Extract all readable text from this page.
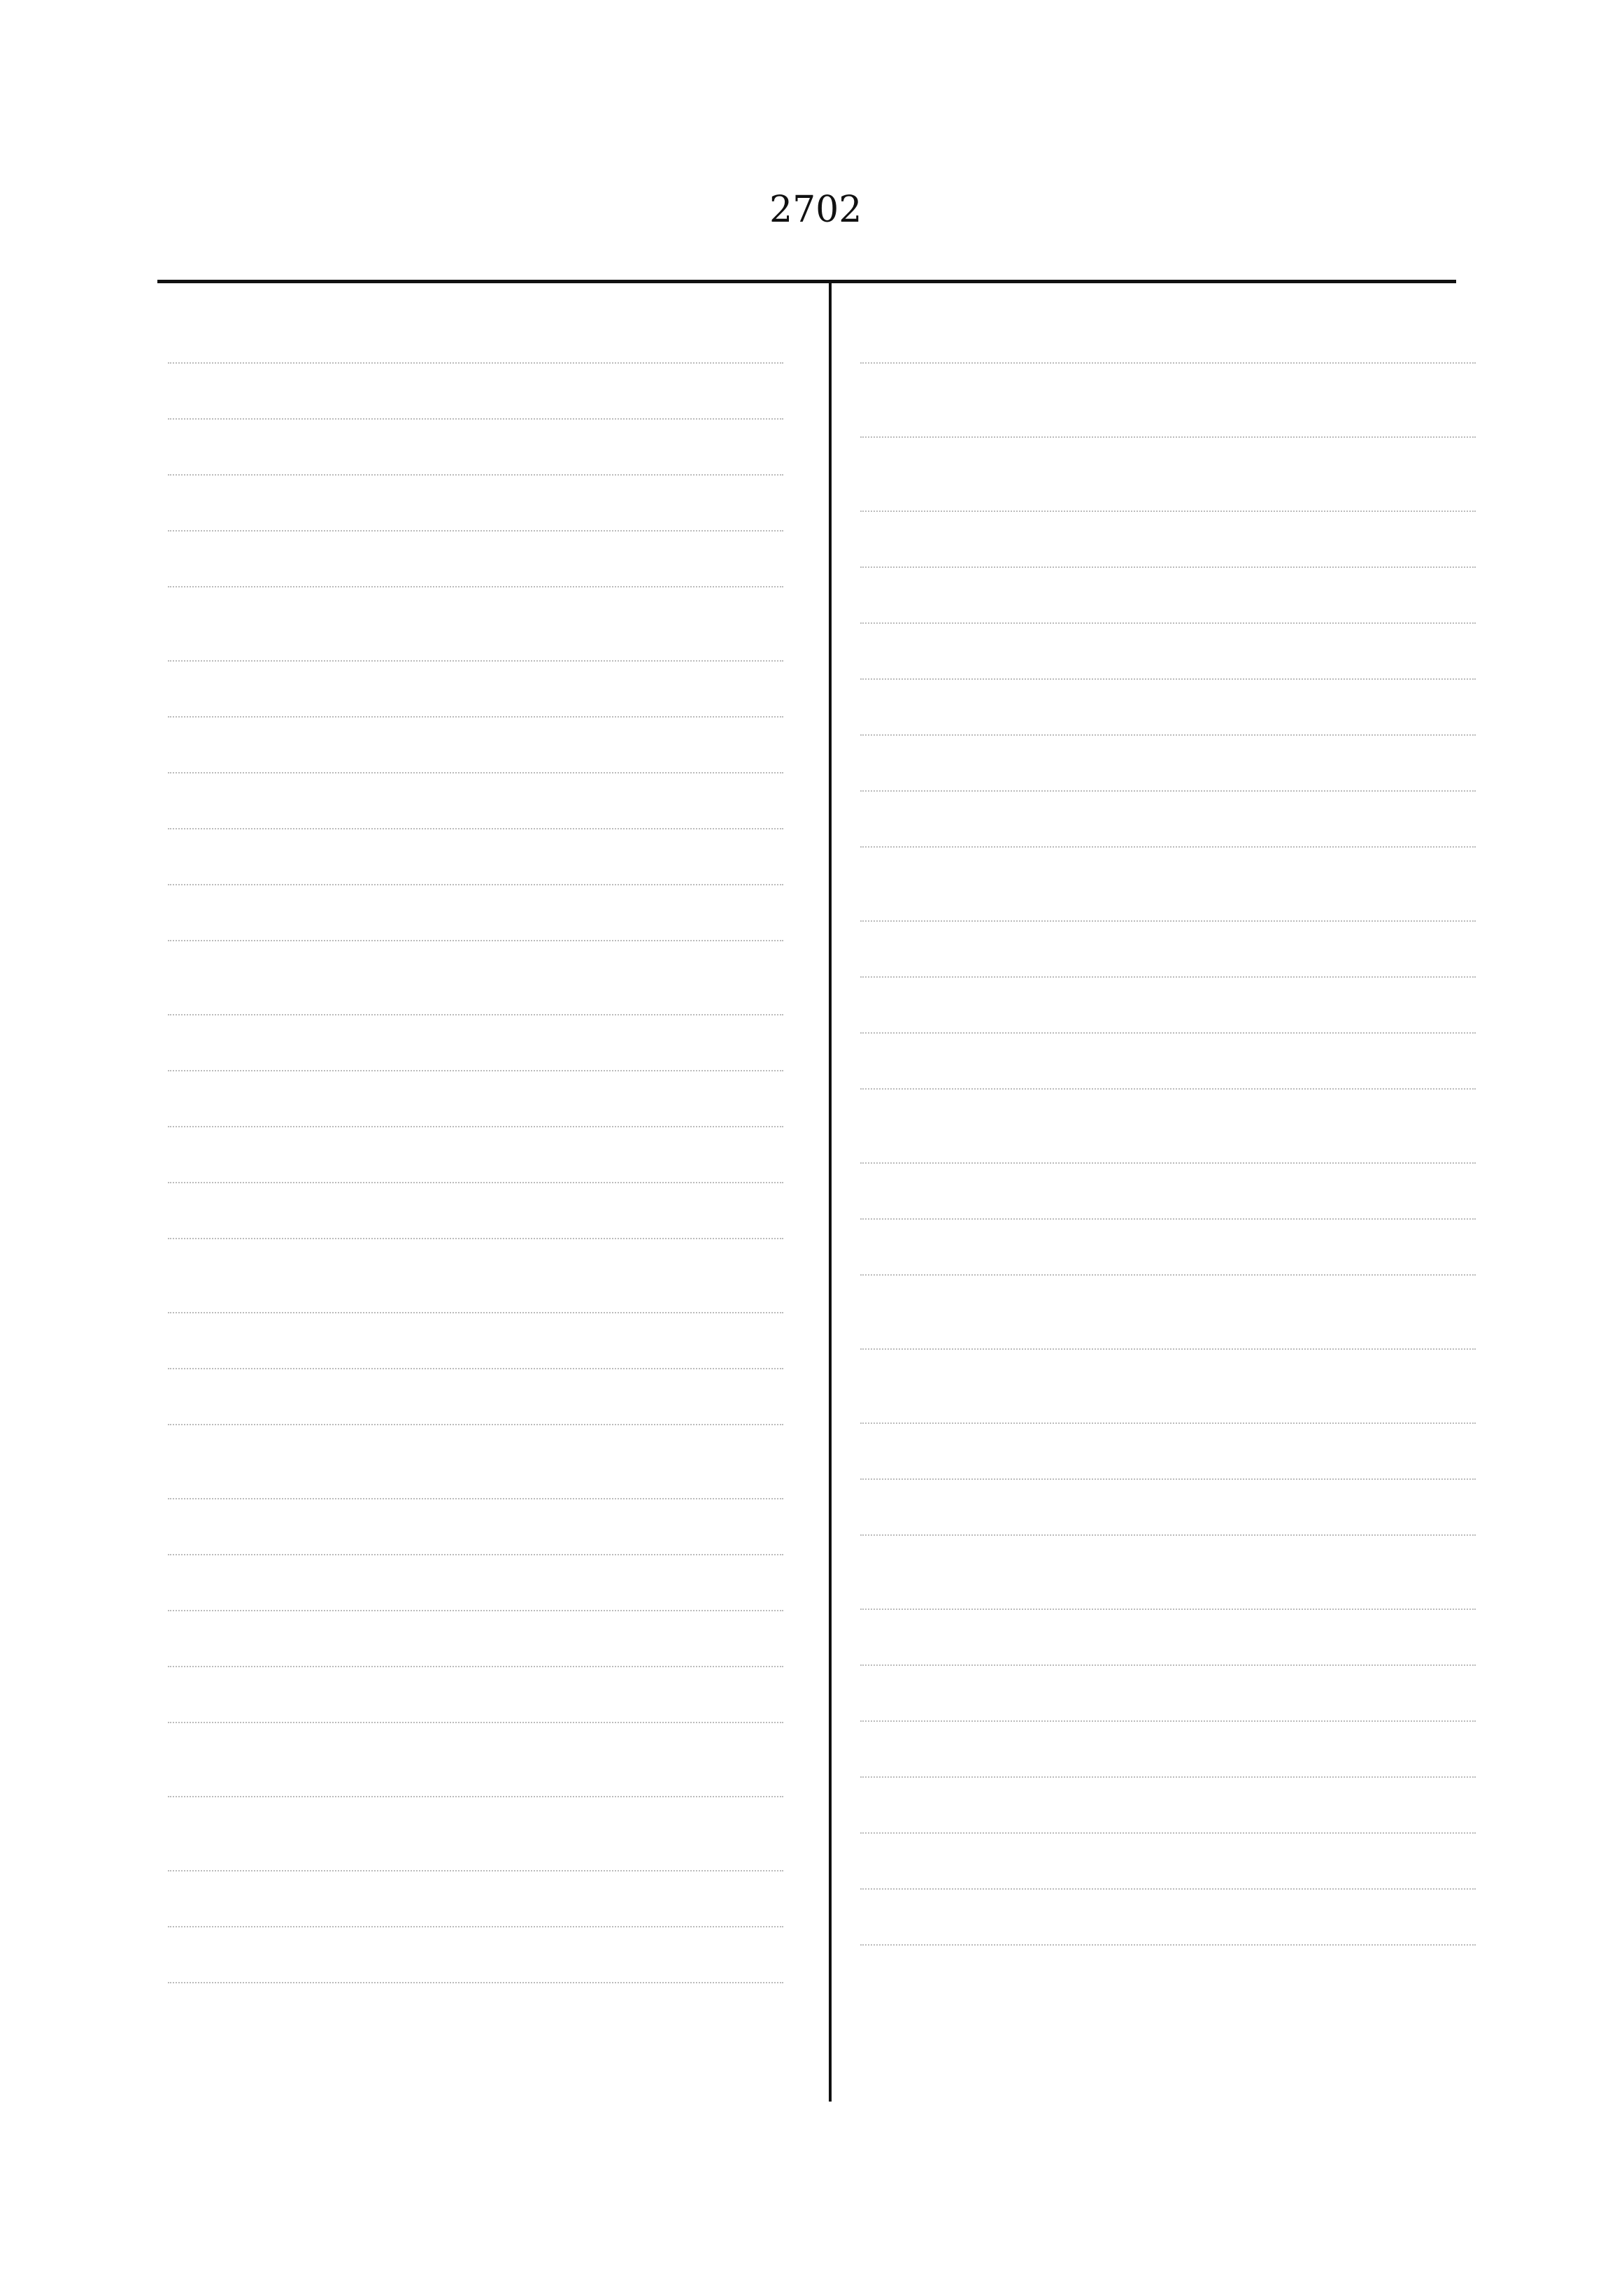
2702
